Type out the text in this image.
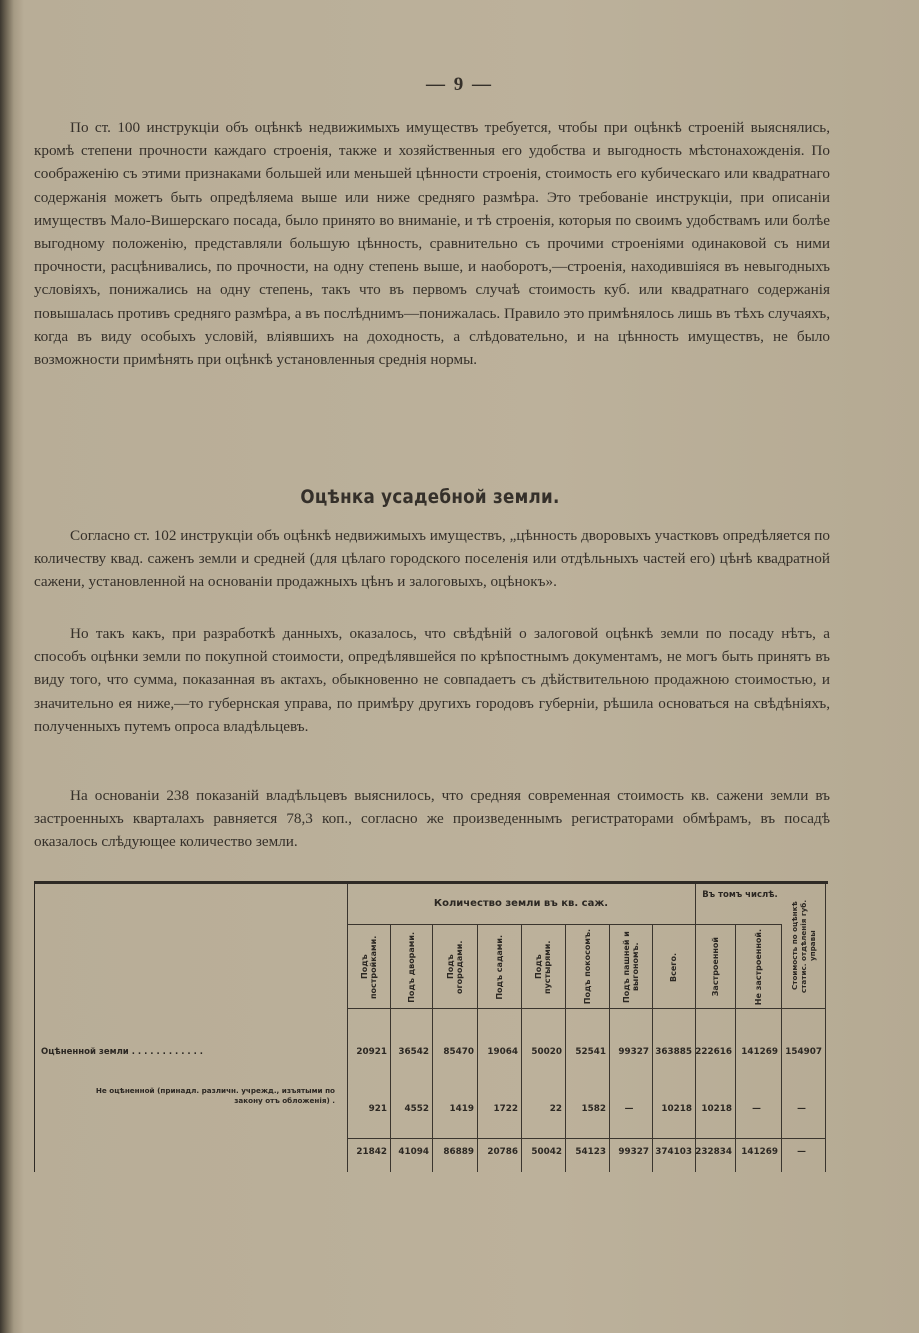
— 9 —

По ст. 100 инструкціи объ оцѣнкѣ недвижимыхъ имуществъ требуется, чтобы при оцѣнкѣ строеній выяснялись, кромѣ степени прочности каждаго строенія, также и хозяйственныя его удобства и выгодность мѣстонахожденія. По соображенію съ этими признаками большей или меньшей цѣнности строенія, стоимость его кубическаго или квадратнаго содержанія можетъ быть опредѣляема выше или ниже средняго размѣра. Это требованіе инструкціи, при описаніи имуществъ Мало-Вишерскаго посада, было принято во вниманіе, и тѣ строенія, которыя по своимъ удобствамъ или болѣе выгодному положенію, представляли большую цѣнность, сравнительно съ прочими строеніями одинаковой съ ними прочности, расцѣнивались, по прочности, на одну степень выше, и наоборотъ,—строенія, находившіяся въ невыгодныхъ условіяхъ, понижались на одну степень, такъ что въ первомъ случаѣ стоимость куб. или квадратнаго содержанія повышалась противъ средняго размѣра, а въ послѣднимъ—понижалась. Правило это примѣнялось лишь въ тѣхъ случаяхъ, когда въ виду особыхъ условій, вліявшихъ на доходность, а слѣдовательно, и на цѣнность имуществъ, не было возможности примѣнять при оцѣнкѣ установленныя среднія нормы.

Оцѣнка усадебной земли.

Согласно ст. 102 инструкціи объ оцѣнкѣ недвижимыхъ имуществъ, „цѣнность дворовыхъ участковъ опредѣляется по количеству квад. саженъ земли и средней (для цѣлаго городского поселенія или отдѣльныхъ частей его) цѣнѣ квадратной сажени, установленной на основаніи продажныхъ цѣнъ и залоговыхъ, оцѣнокъ».

Но такъ какъ, при разработкѣ данныхъ, оказалось, что свѣдѣній о залоговой оцѣнкѣ земли по посаду нѣтъ, а способъ оцѣнки земли по покупной стоимости, опредѣлявшейся по крѣпостнымъ документамъ, не могъ быть принятъ въ виду того, что сумма, показанная въ актахъ, обыкновенно не совпадаетъ съ дѣйствительною продажною стоимостью, и значительно ея ниже,—то губернская управа, по примѣру другихъ городовъ губерніи, рѣшила основаться на свѣдѣніяхъ, полученныхъ путемъ опроса владѣльцевъ.

На основаніи 238 показаній владѣльцевъ выяснилось, что средняя современная стоимость кв. сажени земли въ застроенныхъ кварталахъ равняется 78,3 коп., согласно же произведеннымъ регистраторами обмѣрамъ, въ посадѣ оказалось слѣдующее количество земли.

Количество земли въ кв. саж.
Въ томъ числѣ.
Подъ постройками.	Подъ дворами.	Подъ огородами.	Подъ садами.	Подъ пустырями.	Подъ покосомъ.	Подъ пашней и выгономъ.	Всего.	Застроенной	Не застроенной.	Стоимость по оцѣнкѣ статис. отдѣленія губ. управы
Оцѣненной земли . . . . . . . . . . . .	20921	36542	85470	19064	50020	52541	99327 363885 222616	141269 154907
Не оцѣненной (принадл. различн. учрежд., изъятыми по закону отъ обложенія) .
921	4552	1419	1722	22	1582	—	10218	10218	—	—
21842	41094	86889	20786	50042	54123	99327 374103 232834	141269	—
